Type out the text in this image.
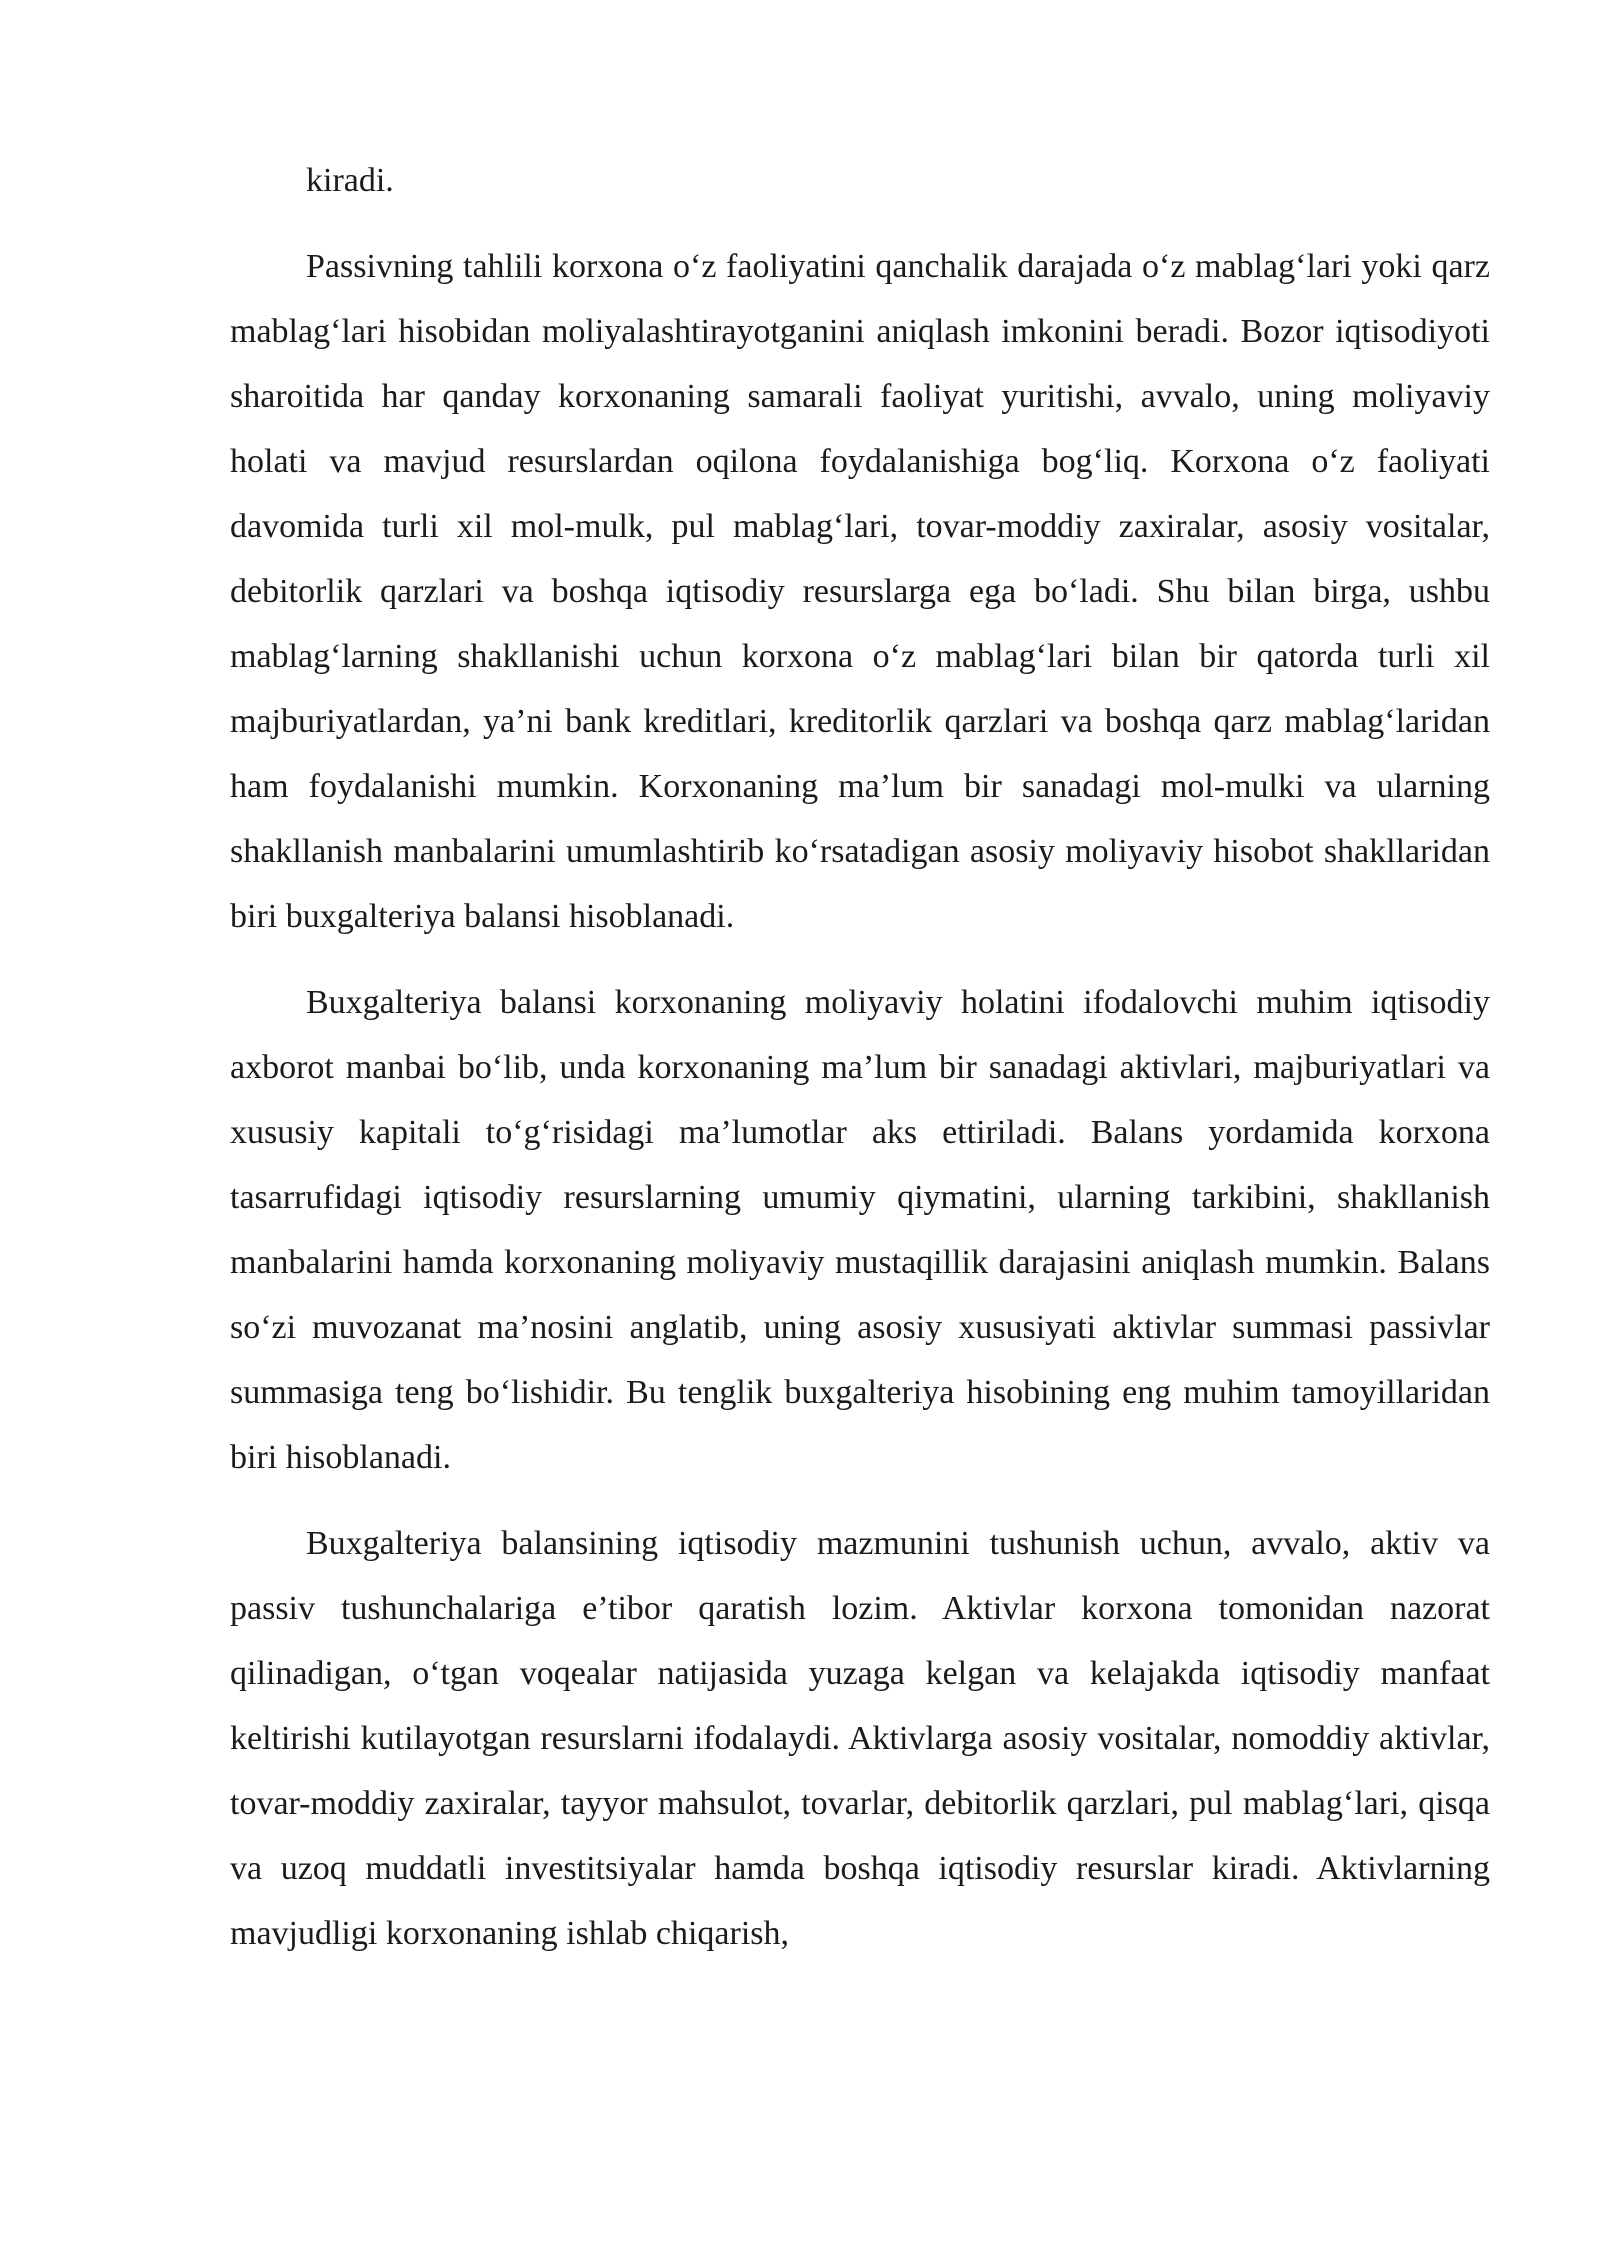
kiradi.

Passivning tahlili korxona o‘z faoliyatini qanchalik darajada o‘z mablag‘lari yoki qarz mablag‘lari hisobidan moliyalashtirayotganini aniqlash imkonini beradi. Bozor iqtisodiyoti sharoitida har qanday korxonaning samarali faoliyat yuritishi, avvalo, uning moliyaviy holati va mavjud resurslardan oqilona foydalanishiga bog‘liq. Korxona o‘z faoliyati davomida turli xil mol-mulk, pul mablag‘lari, tovar-moddiy zaxiralar, asosiy vositalar, debitorlik qarzlari va boshqa iqtisodiy resurslarga ega bo‘ladi. Shu bilan birga, ushbu mablag‘larning shakllanishi uchun korxona o‘z mablag‘lari bilan bir qatorda turli xil majburiyatlardan, ya’ni bank kreditlari, kreditorlik qarzlari va boshqa qarz mablag‘laridan ham foydalanishi mumkin. Korxonaning ma’lum bir sanadagi mol-mulki va ularning shakllanish manbalarini umumlashtirib ko‘rsatadigan asosiy moliyaviy hisobot shakllaridan biri buxgalteriya balansi hisoblanadi.

Buxgalteriya balansi korxonaning moliyaviy holatini ifodalovchi muhim iqtisodiy axborot manbai bo‘lib, unda korxonaning ma’lum bir sanadagi aktivlari, majburiyatlari va xususiy kapitali to‘g‘risidagi ma’lumotlar aks ettiriladi. Balans yordamida korxona tasarrufidagi iqtisodiy resurslarning umumiy qiymatini, ularning tarkibini, shakllanish manbalarini hamda korxonaning moliyaviy mustaqillik darajasini aniqlash mumkin. Balans so‘zi muvozanat ma’nosini anglatib, uning asosiy xususiyati aktivlar summasi passivlar summasiga teng bo‘lishidir. Bu tenglik buxgalteriya hisobining eng muhim tamoyillaridan biri hisoblanadi.

Buxgalteriya balansining iqtisodiy mazmunini tushunish uchun, avvalo, aktiv va passiv tushunchalariga e’tibor qaratish lozim. Aktivlar korxona tomonidan nazorat qilinadigan, o‘tgan voqealar natijasida yuzaga kelgan va kelajakda iqtisodiy manfaat keltirishi kutilayotgan resurslarni ifodalaydi. Aktivlarga asosiy vositalar, nomoddiy aktivlar, tovar-moddiy zaxiralar, tayyor mahsulot, tovarlar, debitorlik qarzlari, pul mablag‘lari, qisqa va uzoq muddatli investitsiyalar hamda boshqa iqtisodiy resurslar kiradi. Aktivlarning mavjudligi korxonaning ishlab chiqarish,
